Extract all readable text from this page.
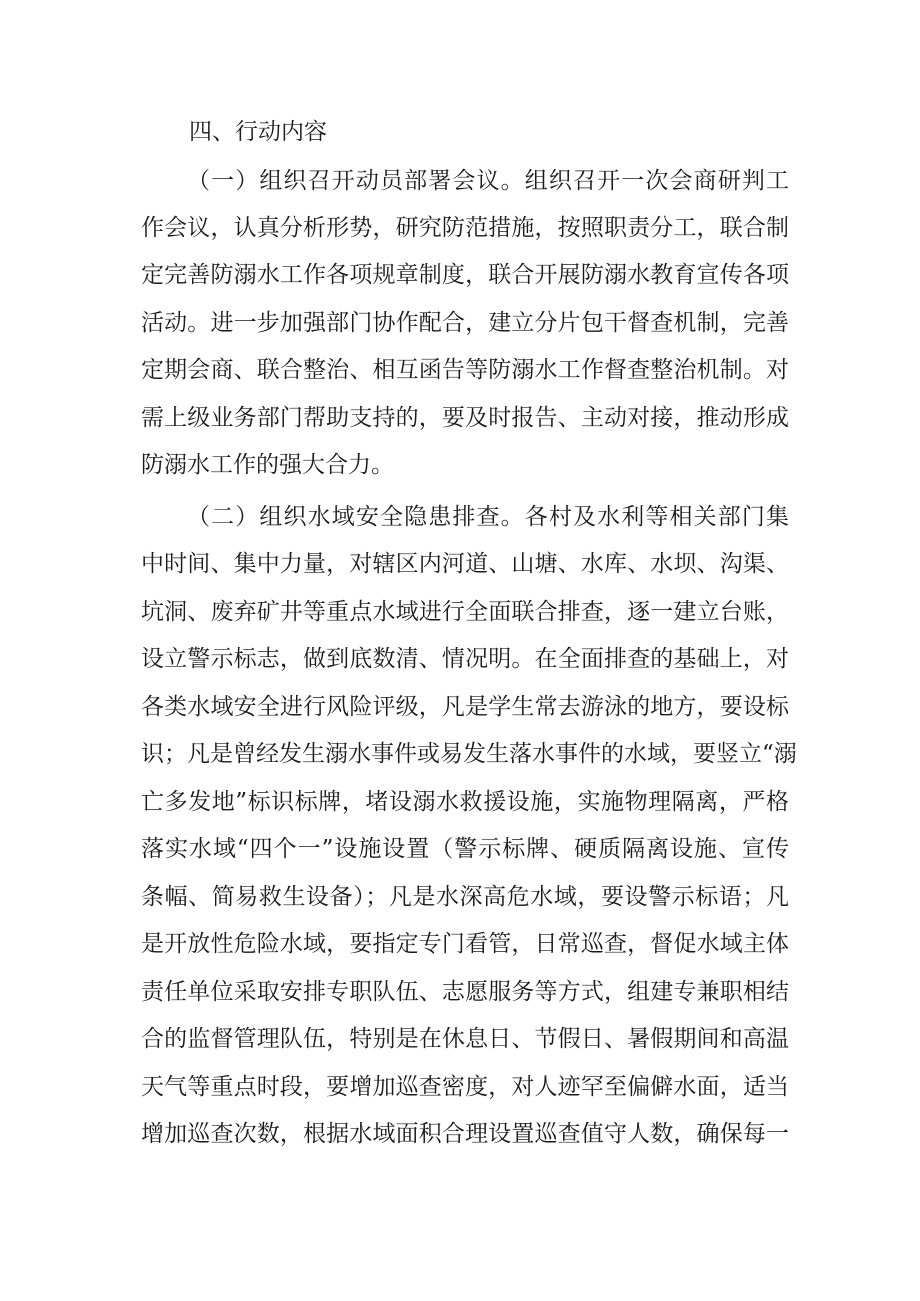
四、行动内容
（一）组织召开动员部署会议。组织召开一次会商研判工
作会议，认真分析形势，研究防范措施，按照职责分工，联合制
定完善防溺水工作各项规章制度，联合开展防溺水教育宣传各项
活动。进一步加强部门协作配合，建立分片包干督查机制，完善
定期会商、联合整治、相互函告等防溺水工作督查整治机制。对
需上级业务部门帮助支持的，要及时报告、主动对接，推动形成
防溺水工作的强大合力。
（二）组织水域安全隐患排查。各村及水利等相关部门集
中时间、集中力量，对辖区内河道、山塘、水库、水坝、沟渠、
坑洞、废弃矿井等重点水域进行全面联合排查，逐一建立台账，
设立警示标志，做到底数清、情况明。在全面排查的基础上，对
各类水域安全进行风险评级，凡是学生常去游泳的地方，要设标
识；凡是曾经发生溺水事件或易发生落水事件的水域，要竖立“溺
亡多发地”标识标牌，堵设溺水救援设施，实施物理隔离，严格
落实水域“四个一”设施设置（警示标牌、硬质隔离设施、宣传
条幅、简易救生设备）；凡是水深高危水域，要设警示标语；凡
是开放性危险水域，要指定专门看管，日常巡查，督促水域主体
责任单位采取安排专职队伍、志愿服务等方式，组建专兼职相结
合的监督管理队伍，特别是在休息日、节假日、暑假期间和高温
天气等重点时段，要增加巡查密度，对人迹罕至偏僻水面，适当
增加巡查次数，根据水域面积合理设置巡查值守人数，确保每一
